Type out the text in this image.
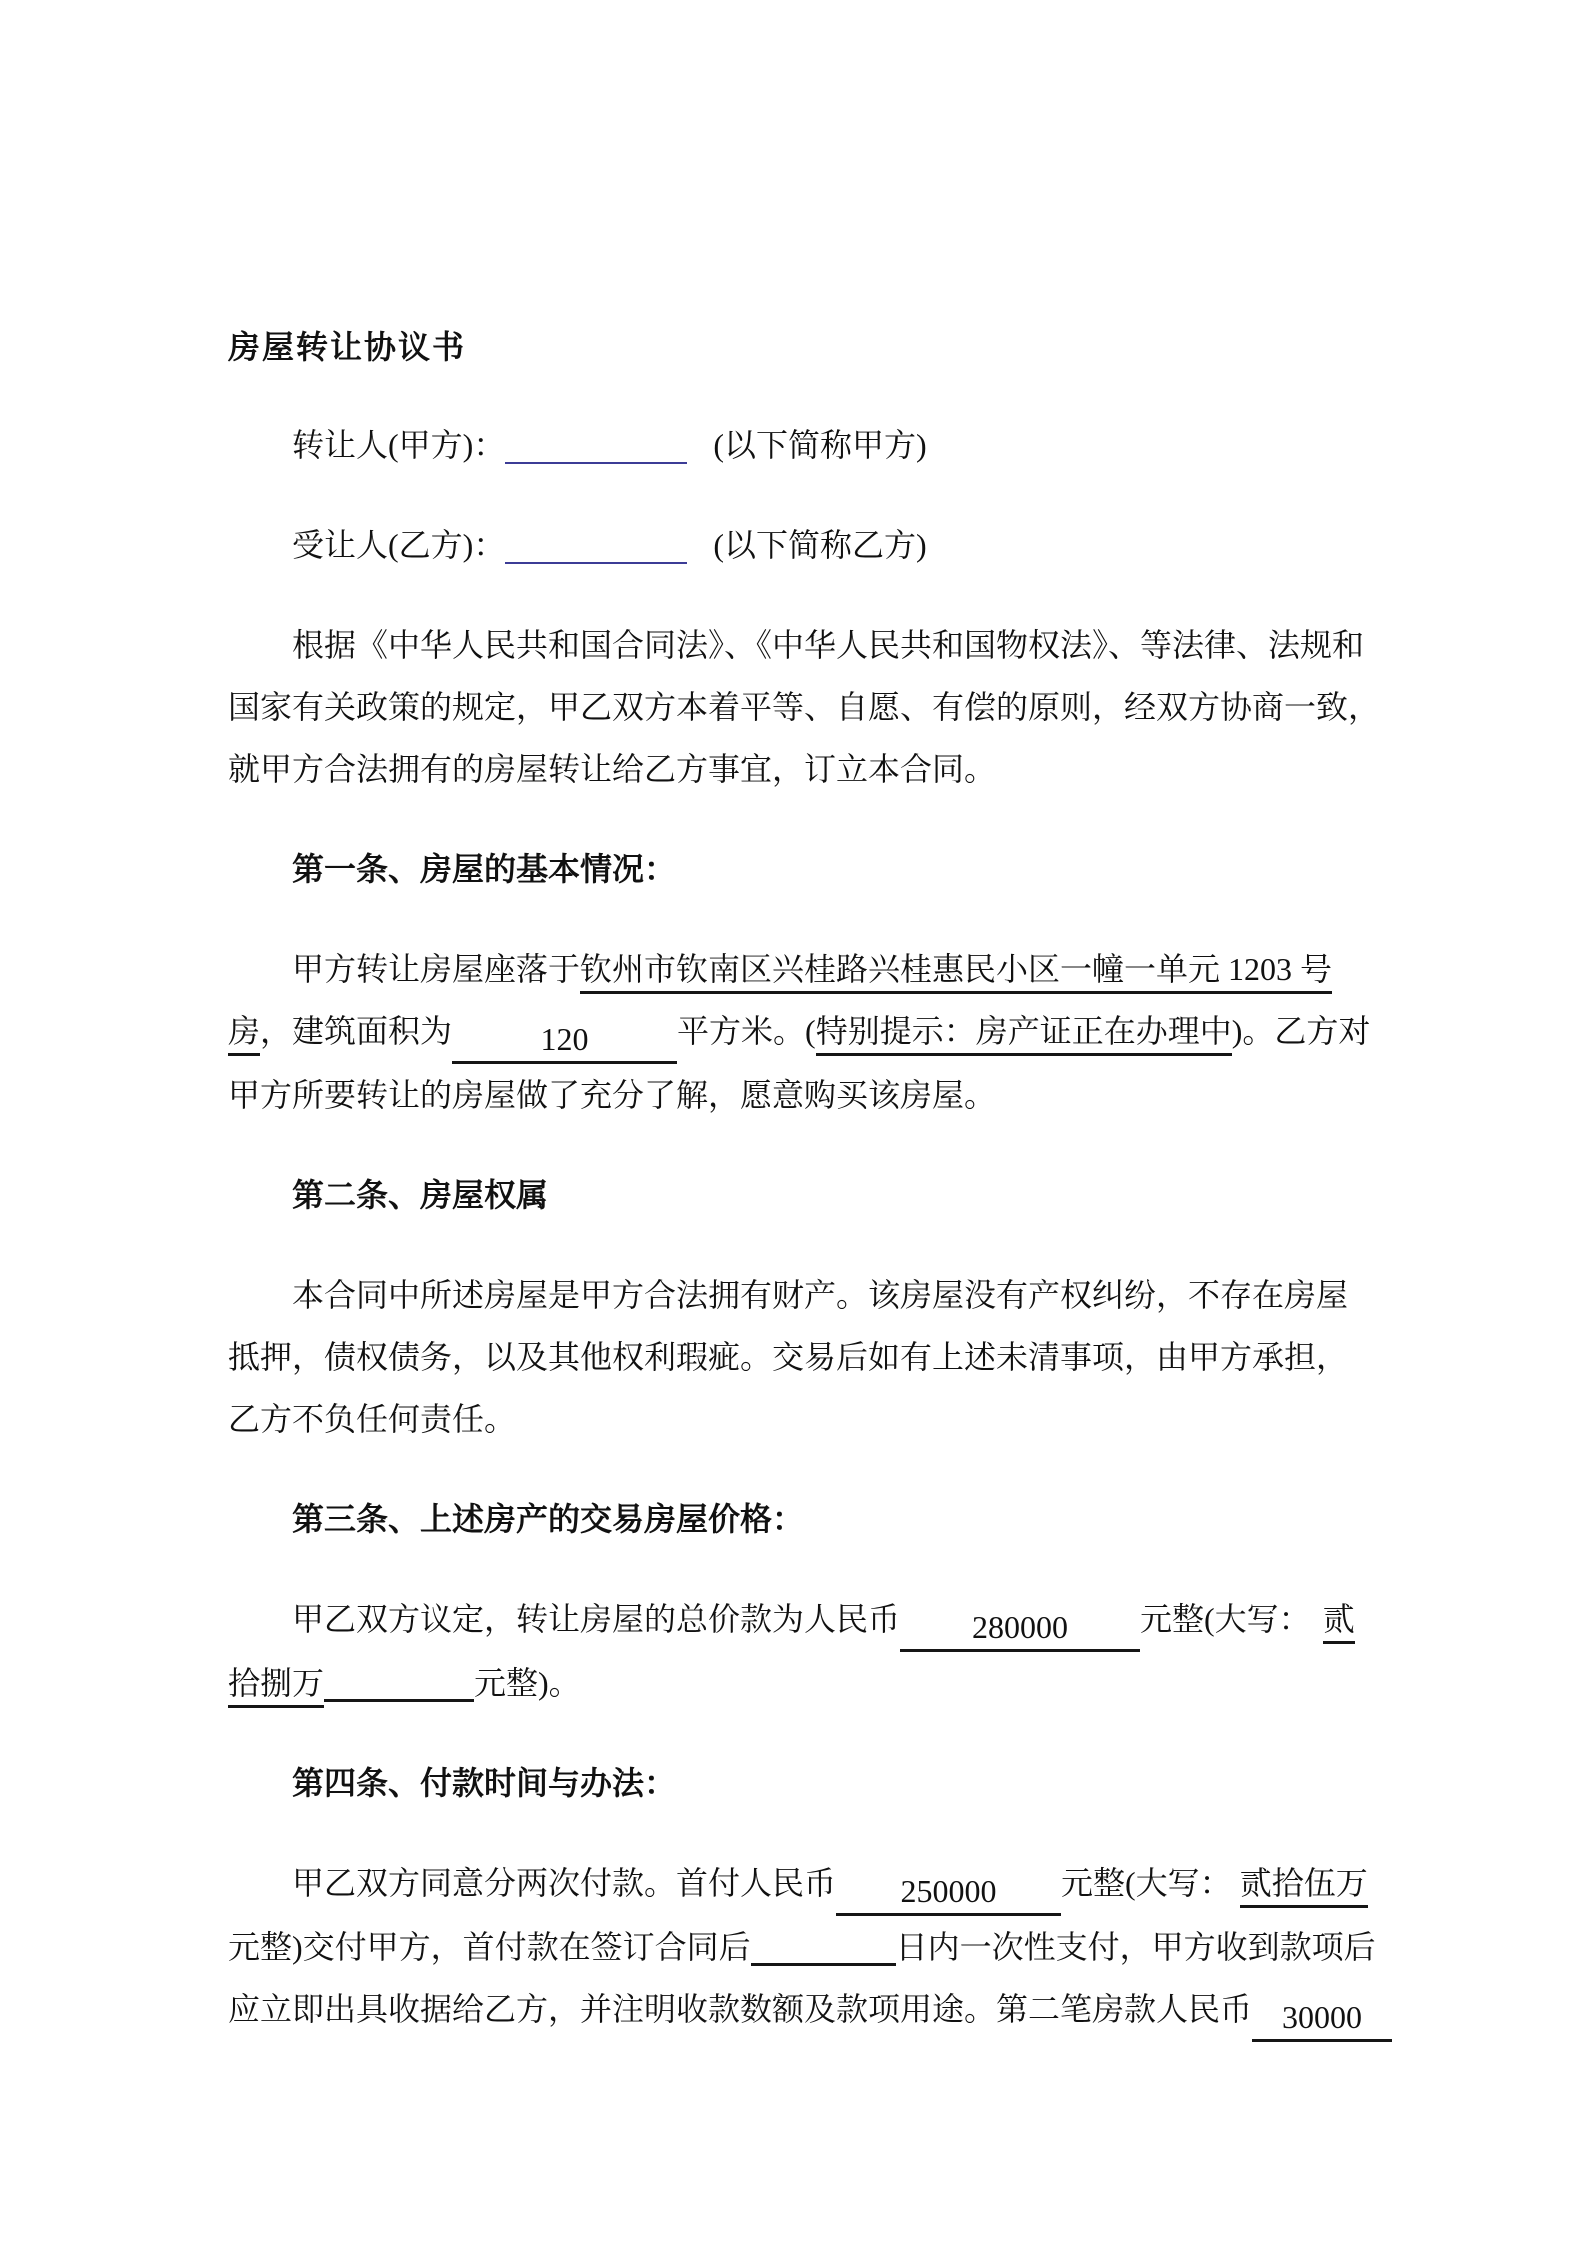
房屋转让协议书
转让人(甲方)：	(以下简称甲方)
受让人(乙方)：	(以下简称乙方)
根据《中华人民共和国合同法》、《中华人民共和国物权法》、等法律、法规和
国家有关政策的规定，甲乙双方本着平等、自愿、有偿的原则，经双方协商一致，
就甲方合法拥有的房屋转让给乙方事宜，订立本合同。
第一条、房屋的基本情况：
甲方转让房屋座落于钦州市钦南区兴桂路兴桂惠民小区一幢一单元 1203 号
房，建筑面积为	120	平方米。(特别提示：房产证正在办理中)。乙方对
甲方所要转让的房屋做了充分了解，愿意购买该房屋。
第二条、房屋权属
本合同中所述房屋是甲方合法拥有财产。该房屋没有产权纠纷，不存在房屋
抵押，债权债务，以及其他权利瑕疵。交易后如有上述未清事项，由甲方承担，
乙方不负任何责任。
第三条、上述房产的交易房屋价格：
甲乙双方议定，转让房屋的总价款为人民币 280000 元整(大写： 贰
拾捌万	元整)。
第四条、付款时间与办法：
甲乙双方同意分两次付款。首付人民币 250000 元整(大写： 贰拾伍万
元整)交付甲方，首付款在签订合同后	日内一次性支付，甲方收到款项后
应立即出具收据给乙方，并注明收款数额及款项用途。第二笔房款人民币 30000
